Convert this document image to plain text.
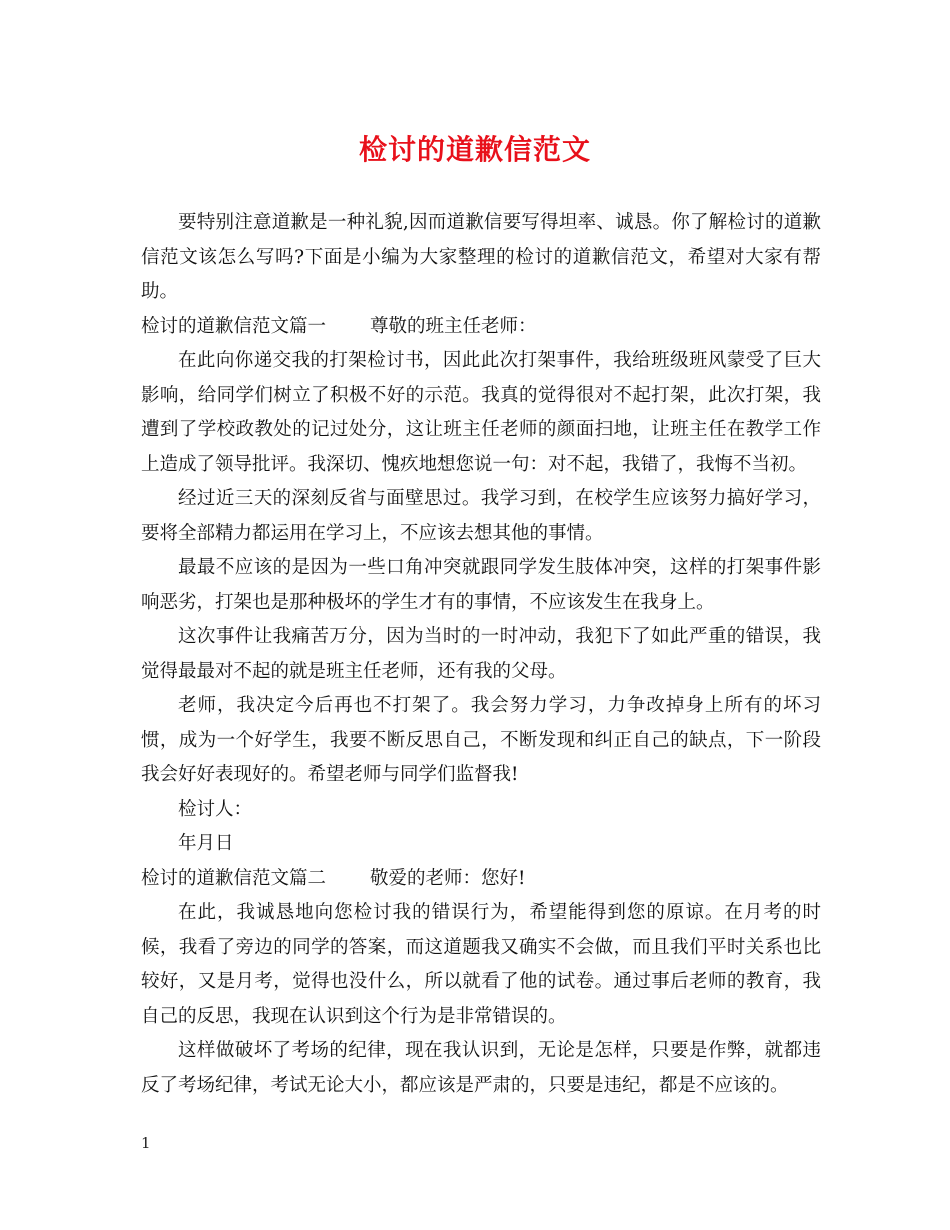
检讨的道歉信范文

要特别注意道歉是一种礼貌,因而道歉信要写得坦率、诚恳。你了解检讨的道歉信范文该怎么写吗?下面是小编为大家整理的检讨的道歉信范文，希望对大家有帮助。

检讨的道歉信范文篇一 尊敬的班主任老师：

在此向你递交我的打架检讨书，因此此次打架事件，我给班级班风蒙受了巨大影响，给同学们树立了积极不好的示范。我真的觉得很对不起打架，此次打架，我遭到了学校政教处的记过处分，这让班主任老师的颜面扫地，让班主任在教学工作上造成了领导批评。我深切、愧疚地想您说一句：对不起，我错了，我悔不当初。

经过近三天的深刻反省与面壁思过。我学习到，在校学生应该努力搞好学习，要将全部精力都运用在学习上，不应该去想其他的事情。

最最不应该的是因为一些口角冲突就跟同学发生肢体冲突，这样的打架事件影响恶劣，打架也是那种极坏的学生才有的事情，不应该发生在我身上。

这次事件让我痛苦万分，因为当时的一时冲动，我犯下了如此严重的错误，我觉得最最对不起的就是班主任老师，还有我的父母。

老师，我决定今后再也不打架了。我会努力学习，力争改掉身上所有的坏习惯，成为一个好学生，我要不断反思自己，不断发现和纠正自己的缺点，下一阶段我会好好表现好的。希望老师与同学们监督我!

检讨人：

年月日

检讨的道歉信范文篇二 敬爱的老师：您好!

在此，我诚恳地向您检讨我的错误行为，希望能得到您的原谅。在月考的时候，我看了旁边的同学的答案，而这道题我又确实不会做，而且我们平时关系也比较好，又是月考，觉得也没什么，所以就看了他的试卷。通过事后老师的教育，我自己的反思，我现在认识到这个行为是非常错误的。

这样做破坏了考场的纪律，现在我认识到，无论是怎样，只要是作弊，就都违反了考场纪律，考试无论大小，都应该是严肃的，只要是违纪，都是不应该的。

1
